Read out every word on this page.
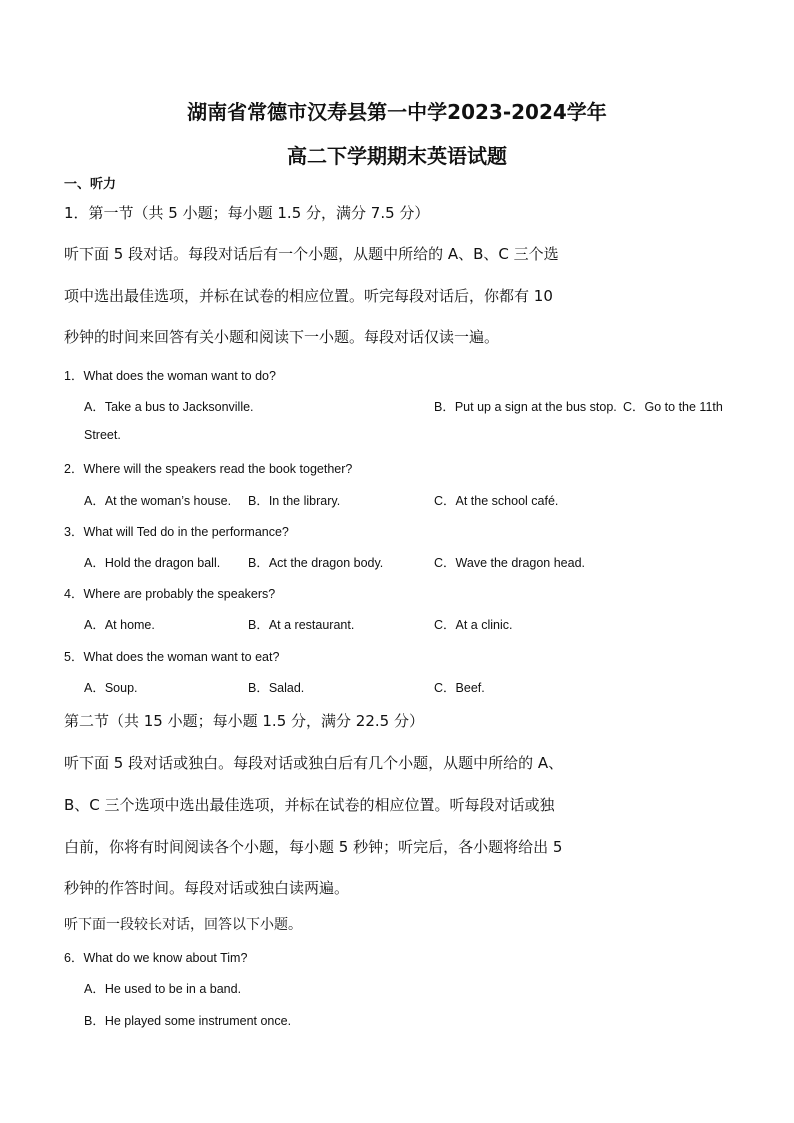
湖南省常德市汉寿县第一中学2023-2024学年
高二下学期期末英语试题
一、听力
1．第一节（共 5 小题；每小题 1.5 分，满分 7.5 分）
听下面 5 段对话。每段对话后有一个小题，从题中所给的 A、B、C 三个选
项中选出最佳选项，并标在试卷的相应位置。听完每段对话后，你都有 10
秒钟的时间来回答有关小题和阅读下一小题。每段对话仅读一遍。
1．What does the woman want to do?
A．Take a bus to Jacksonville.	B．Put up a sign at the bus stop. C．Go to the 11th
Street.
2．Where will the speakers read the book together?
A．At the woman’s house. B．In the library.	C．At the school café.
3．What will Ted do in the performance?
A．Hold the dragon ball. B．Act the dragon body.	C．Wave the dragon head.
4．Where are probably the speakers?
A．At home.	B．At a restaurant.	C．At a clinic.
5．What does the woman want to eat?
A．Soup.	B．Salad.	C．Beef.
第二节（共 15 小题；每小题 1.5 分，满分 22.5 分）
听下面 5 段对话或独白。每段对话或独白后有几个小题，从题中所给的 A、
B、C 三个选项中选出最佳选项，并标在试卷的相应位置。听每段对话或独
白前，你将有时间阅读各个小题，每小题 5 秒钟；听完后，各小题将给出 5
秒钟的作答时间。每段对话或独白读两遍。
听下面一段较长对话，回答以下小题。
6．What do we know about Tim?
A．He used to be in a band.
B．He played some instrument once.
